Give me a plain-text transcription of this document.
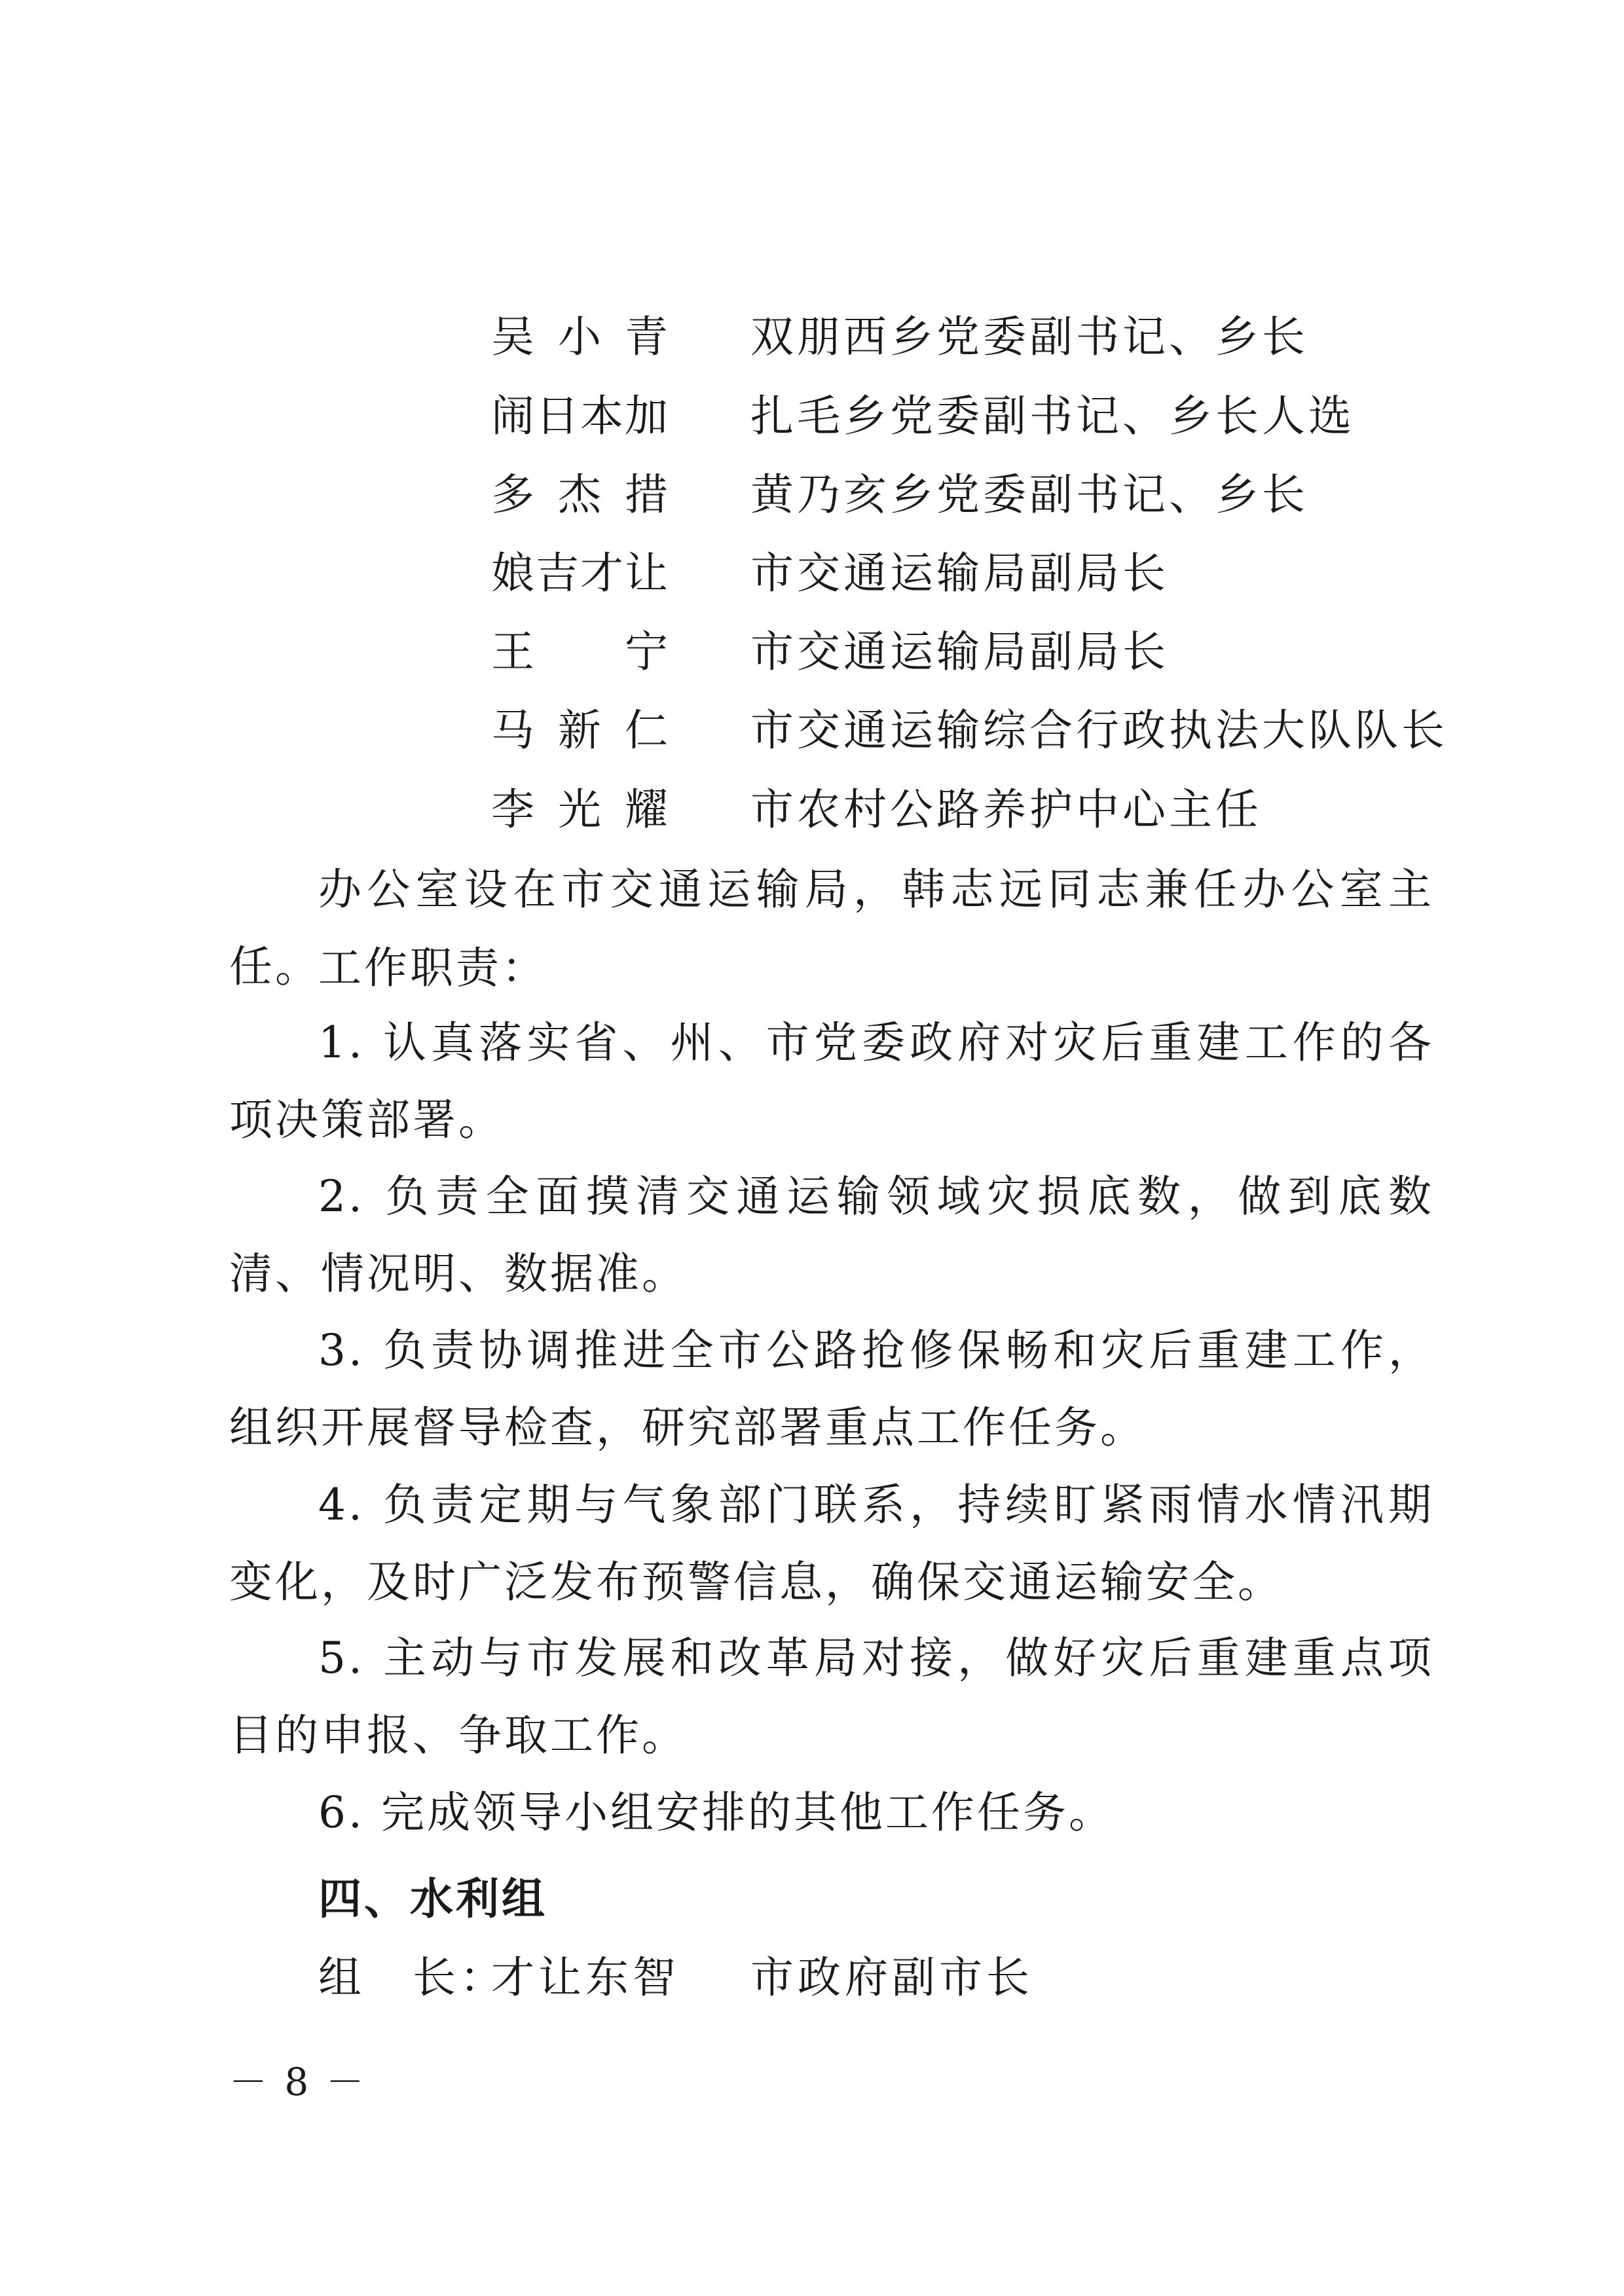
吴小青 双朋西乡党委副书记、乡长
闹日本加 扎毛乡党委副书记、乡长人选
多杰措 黄乃亥乡党委副书记、乡长
娘吉才让 市交通运输局副局长
王宁 市交通运输局副局长
马新仁 市交通运输综合行政执法大队队长
李光耀 市农村公路养护中心主任
办公室设在市交通运输局，韩志远同志兼任办公室主任。
工作职责：
1. 认真落实省、州、市党委政府对灾后重建工作的各项决策部署。
2. 负责全面摸清交通运输领域灾损底数，做到底数清、情况明、数据准。
3. 负责协调推进全市公路抢修保畅和灾后重建工作，组织开展督导检查，研究部署重点工作任务。
4. 负责定期与气象部门联系，持续盯紧雨情水情汛期变化，及时广泛发布预警信息，确保交通运输安全。
5. 主动与市发展和改革局对接，做好灾后重建重点项目的申报、争取工作。
6. 完成领导小组安排的其他工作任务。
四、水利组
组　长：
才让东智 市政府副市长
－ 8 －
